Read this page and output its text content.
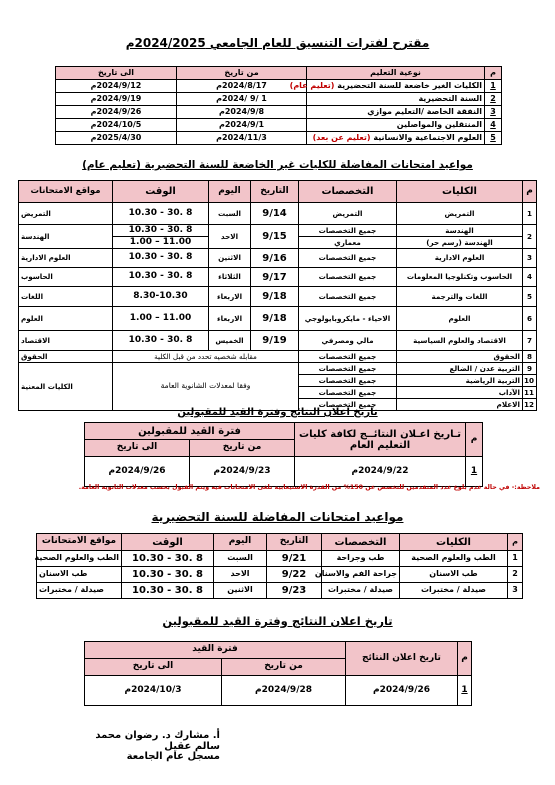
مقترح لفترات التنسيق للعام الجامعي 2024/2025م
م	نوعية التعليم	من تاريخ	الى تاريخ
1	الكليات الغير خاضعة للسنة التحضيرية (تعليم عام)	2024/8/17م	2024/9/12م
2	السنة التحضيرية	1 /9 /2024م	2024/9/19م
3	النفقة الخاصة /التعليم موازي	2024/9/8م	2024/9/26م
4	المنتقلين والمواصلين	2024/9/1م	2024/10/5م
5	العلوم الاجتماعية والانسانية (تعليم عن بعد)	2024/11/3م	2025/4/30م
مواعيد امتحانات المفاضلة للكليات غير الخاضعة للسنة التحضيرية (تعليم عام)
م	الكليات	التخصصات	التاريخ	اليوم	الوقت	مواقع الامتحانات
1	التمريض	التمريض	9/14	السبت	8 .30 - 10.30	التمريض
2	الهندسة	جميع التخصصات	9/15	الاحد	8 .30 - 10.30	الهندسة
	الهندسة (رسم حر)	معماري			11.00 – 1.00	
3	العلوم الادارية	جميع التخصصات	9/16	الاثنين	8 .30 - 10.30	العلوم الادارية
4	الحاسوب وتكنلوجيا المعلومات	جميع التخصصات	9/17	الثلاثاء	8 .30 - 10.30	الحاسوب
5	اللغات والترجمة	جميع التخصصات	9/18	الاربعاء	8.30-10.30	اللغات
6	العلوم	الاحياء - مايكروبايولوجي	9/18	الاربعاء	11.00 – 1.00	العلوم
7	الاقتصاد والعلوم السياسية	مالي ومصرفي	9/19	الخميس	8 .30 - 10.30	الاقتصاد
8	الحقوق	جميع التخصصات	مقابله شخصيه تحدد من قبل الكلية			الحقوق
9	التربية عدن / الضالع	جميع التخصصات	وفقا لمعدلات الشانوية العامة			الكليات المعنية
10	التربية الرياضية	جميع التخصصات				
11	الآداب	جميع التخصصات				
12	الاعلام	جميع التخصصات				
تاريخ اعلان النتائج وفترة القيد للمقبولين
م	تـاريخ اعـلان النتائــج لكافة كليات التعليم العام	فترة القيد للمقبولين	
		من تاريخ	الى تاريخ
1	2024/9/22م	2024/9/23م	2024/9/26م
ملاحظة:- في حالة عدم بلوغ عدد المتقدمين للتخصص عن 150% من القدرة الاستيعابية تلغى الامتحانات فيه ويتم القبول بحسب معدلات الثانوية العامة.
مواعيد امتحانات المفاضلة للسنة التحضيرية
م	الكليات	التخصصات	التاريخ	اليوم	الوقت	مواقع الامتحانات
1	الطب والعلوم الصحية	طب وجراحة	9/21	السبت	8 .30 - 10.30	الطب والعلوم الصحية
2	طب الاسنان	جراحة الفم والاسنان	9/22	الاحد	8 .30 - 10.30	طب الاسنان
3	صيدلة / مختبرات	صيدلة / مختبرات	9/23	الاثنين	8 .30 - 10.30	صيدلة / مختبرات
تاريخ اعلان النتائج وفترة القيد للمقبولين
م	تاريخ اعلان النتائج	فترة القيد	
		من تاريخ	الى تاريخ
1	2024/9/26م	2024/9/28م	2024/10/3م
أ. مشارك د. رضوان محمد سالم عقيل
مسجل عام الجامعة
